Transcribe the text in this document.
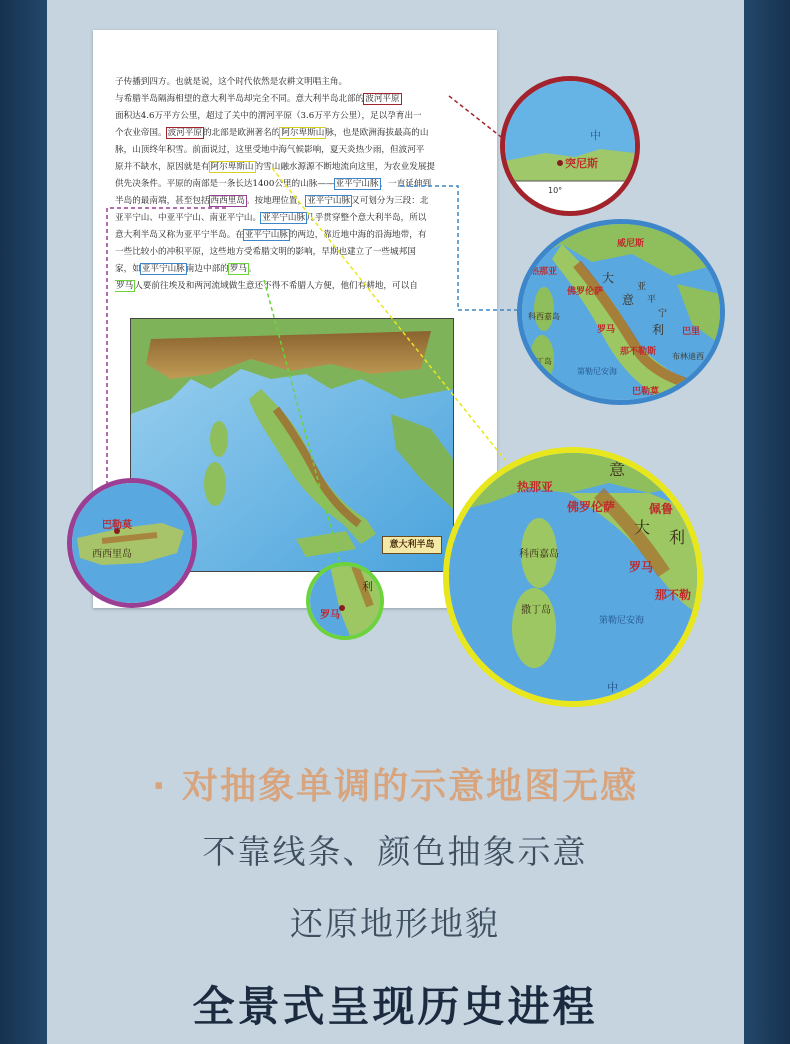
子传播到四方。也就是说，这个时代依然是农耕文明唱主角。

与希腊半岛隔海相望的意大利半岛却完全不同。意大利半岛北部的波河平原

面积达4.6万平方公里，超过了关中的渭河平原（3.6万平方公里），足以孕育出一

个农业帝国。波河平原的北部是欧洲著名的阿尔卑斯山脉，也是欧洲海拔最高的山

脉，山顶终年积雪。前面说过，这里受地中海气候影响，夏天炎热少雨，但波河平

原并不缺水，原因就是有阿尔卑斯山的雪山融水源源不断地流向这里，为农业发展提

供先决条件。平原的南部是一条长达1400公里的山脉——亚平宁山脉，一直延伸到

半岛的最南端，甚至包括西西里岛。按地理位置，亚平宁山脉又可划分为三段：北

亚平宁山、中亚平宁山、南亚平宁山。亚平宁山脉几乎贯穿整个意大利半岛，所以

意大利半岛又称为亚平宁半岛。在亚平宁山脉的两边，靠近地中海的沿海地带，有

一些比较小的冲积平原，这些地方受希腊文明的影响，早期也建立了一些城邦国

家，如亚平宁山脉南边中部的罗马。

罗马人要前往埃及和两河流域做生意还不得不希腊人方便，他们有耕地，可以自

意大利半岛
突尼斯
中
10°
威尼斯
热那亚
佛罗伦萨
大
意
利
亚
平
宁
巴里
罗马
那不勒斯
巴勒莫
第勒尼安海
科西嘉岛
撒丁岛
布林迪西
巴勒莫
西西里岛
罗马
利
热那亚
意
大
佛罗伦萨	佩鲁
利
罗马
那不勒
科西嘉岛
撒丁岛
第勒尼安海
中
· 对抽象单调的示意地图无感
不靠线条、颜色抽象示意
还原地形地貌
全景式呈现历史进程
